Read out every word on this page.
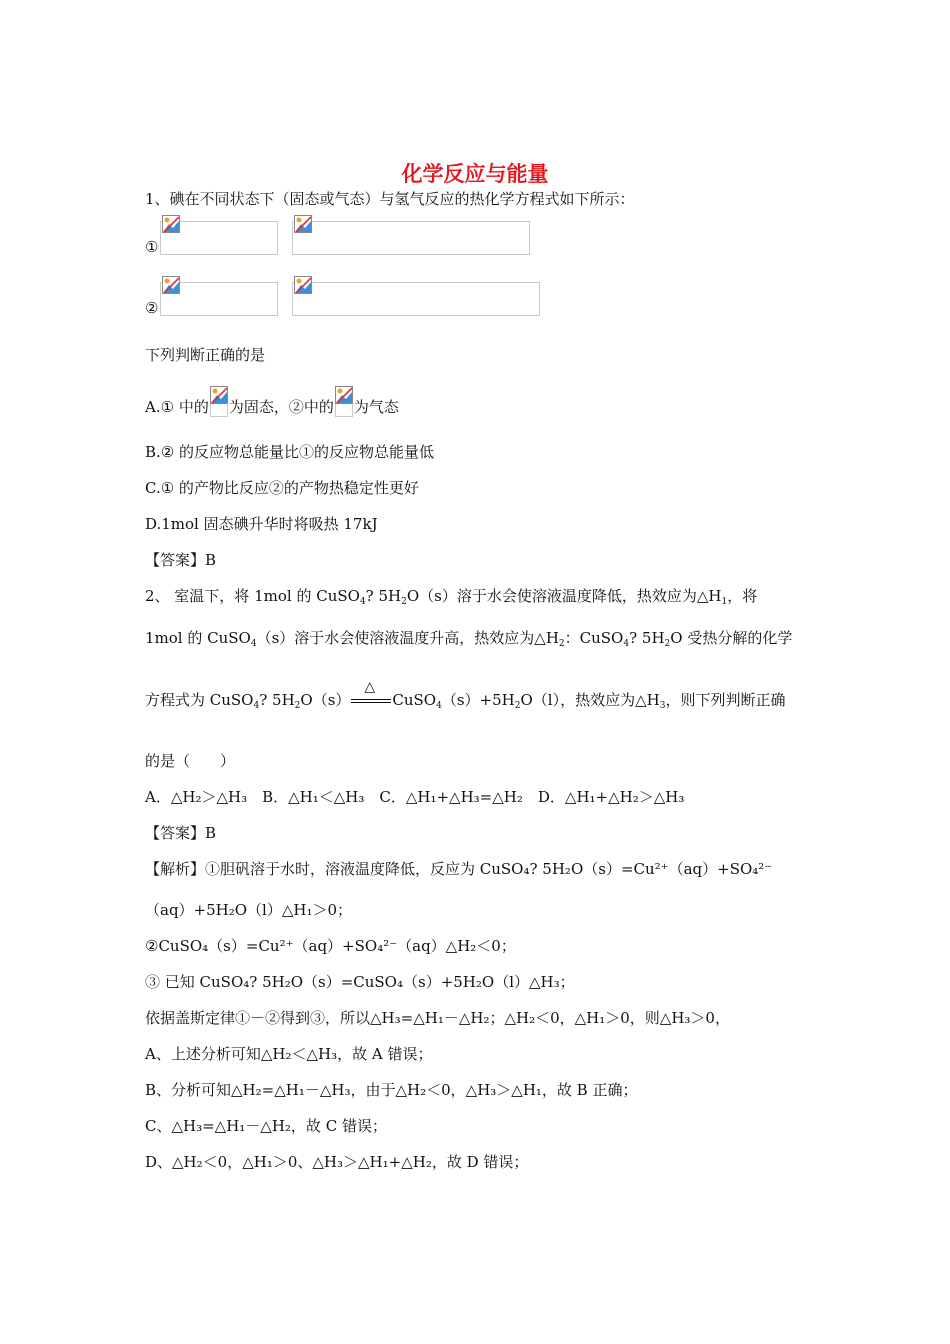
化学反应与能量
1、碘在不同状态下（固态或气态）与氢气反应的热化学方程式如下所示：
①
②
下列判断正确的是
A.① 中的 为固态，②中的 为气态
B.② 的反应物总能量比①的反应物总能量低
C.① 的产物比反应②的产物热稳定性更好
D.1mol 固态碘升华时将吸热 17kJ
【答案】B
2、 室温下，将 1mol 的 CuSO$_4$? $5H_2O(s)$溶于水会使溶液温度降低，热效应为$\triangle H_1$，将
1mol 的 CuSO$_4$（s）溶于水会使溶液温度升高，热效应为$\triangle H_2$：CuSO$_4$? $5H_2O$ 受热分解的化学
方程式为 CuSO$_4$? $5H_2O(s)$
△
$CuSO_4(s)+5H_2O(l)$，热效应为$\triangle H_3$，则下列判断正确
的是（　　）
A．△H₂＞△H₃　B．△H₁＜△H₃　C．△H₁+△H₃=△H₂　D．△H₁+△H₂＞△H₃
【答案】B
【解析】①胆矾溶于水时，溶液温度降低，反应为 CuSO₄? 5H₂O（s）=Cu²⁺（aq）+SO₄²⁻
（aq）+5H₂O（l）△H₁＞0；
②CuSO₄（s）=Cu²⁺（aq）+SO₄²⁻（aq）△H₂＜0；
③ 已知 CuSO₄? 5H₂O（s）=CuSO₄（s）+5H₂O（l）△H₃；
依据盖斯定律①－②得到③，所以△H₃=△H₁－△H₂；△H₂＜0，△H₁＞0，则△H₃＞0，
A、上述分析可知△H₂＜△H₃，故 A 错误；
B、分析可知△H₂=△H₁－△H₃，由于△H₂＜0，△H₃＞△H₁，故 B 正确；
C、△H₃=△H₁－△H₂，故 C 错误；
D、△H₂＜0，△H₁＞0、△H₃＞△H₁+△H₂，故 D 错误；
